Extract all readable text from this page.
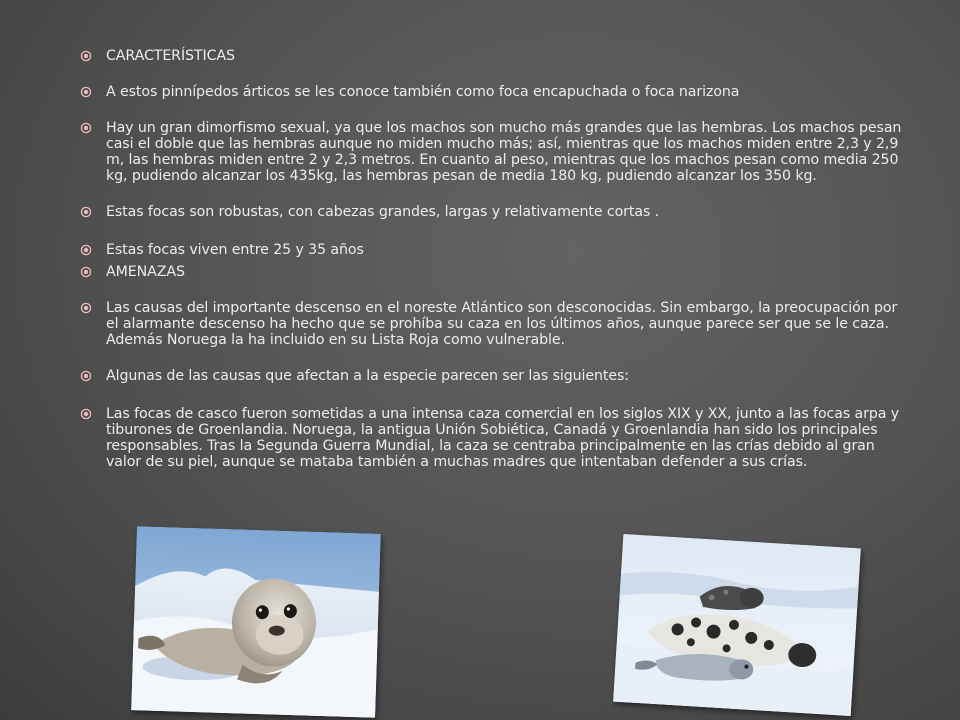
CARACTERÍSTICAS
A estos pinnípedos árticos se les conoce también como foca encapuchada o foca narizona
Hay un gran dimorfismo sexual, ya que los machos son mucho más grandes que las hembras. Los machos pesan casi el doble que las hembras aunque no miden mucho más; así, mientras que los machos miden entre 2,3 y 2,9 m, las hembras miden entre 2 y 2,3 metros. En cuanto al peso, mientras que los machos pesan como media 250 kg, pudiendo alcanzar los 435kg, las hembras pesan de media 180 kg, pudiendo alcanzar los 350 kg.
Estas focas son robustas, con cabezas grandes, largas y relativamente cortas .
Estas focas viven entre 25 y 35 años
AMENAZAS
Las causas del importante descenso en el noreste Atlántico son desconocidas. Sin embargo, la preocupación por el alarmante descenso ha hecho que se prohíba su caza en los últimos años, aunque parece ser que se le caza. Además Noruega la ha incluido en su Lista Roja como vulnerable.
Algunas de las causas que afectan a la especie parecen ser las siguientes:
Las focas de casco fueron sometidas a una intensa caza comercial en los siglos XIX y XX, junto a las focas arpa y tiburones de Groenlandia. Noruega, la antigua Unión Sobiética, Canadá y Groenlandia han sido los principales responsables. Tras la Segunda Guerra Mundial, la caza se centraba principalmente en las crías debido al gran valor de su piel, aunque se mataba también a muchas madres que intentaban defender a sus crías.
